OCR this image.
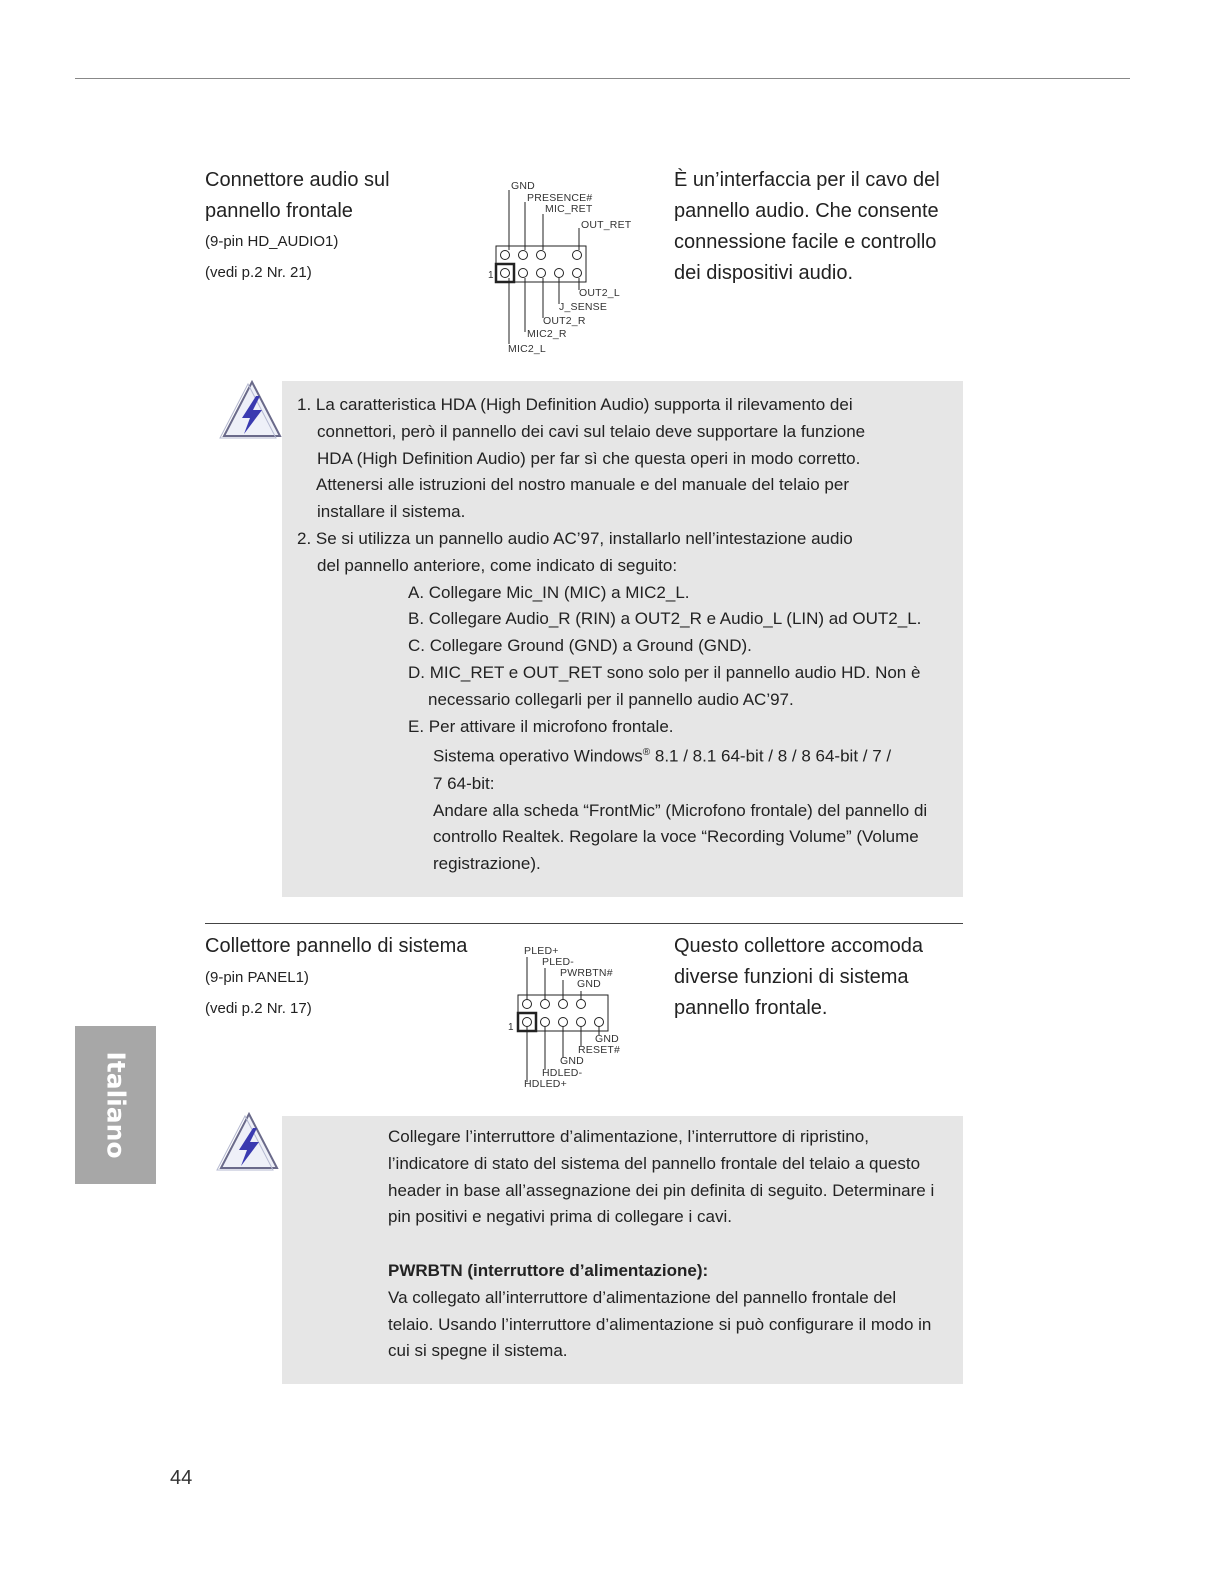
Connettore audio sul
pannello frontale
(9-pin HD_AUDIO1)
(vedi p.2 Nr. 21)
È un’interfaccia per il cavo del
pannello audio. Che consente
connessione facile e controllo
dei dispositivi audio.
1
GND
PRESENCE#
MIC_RET
OUT_RET
OUT2_L
J_SENSE
OUT2_R
MIC2_R
MIC2_L
1. La caratteristica HDA (High Definition Audio) supporta il rilevamento dei
connettori, però il pannello dei cavi sul telaio deve supportare la funzione
HDA (High Definition Audio) per far sì che questa operi in modo corretto.
Attenersi alle istruzioni del nostro manuale e del manuale del telaio per
installare il sistema.
2. Se si utilizza un pannello audio AC’97, installarlo nell’intestazione audio
del pannello anteriore, come indicato di seguito:
A. Collegare Mic_IN (MIC) a MIC2_L.
B. Collegare Audio_R (RIN) a OUT2_R e Audio_L (LIN) ad OUT2_L.
C. Collegare Ground (GND) a Ground (GND).
D. MIC_RET e OUT_RET sono solo per il pannello audio HD. Non è
necessario collegarli per il pannello audio AC’97.
E. Per attivare il microfono frontale.
Sistema operativo Windows® 8.1 / 8.1 64-bit / 8 / 8 64-bit / 7 /
7 64-bit:
Andare alla scheda “FrontMic” (Microfono frontale) del pannello di
controllo Realtek. Regolare la voce “Recording Volume” (Volume
registrazione).
Collettore pannello di sistema
(9-pin PANEL1)
(vedi p.2 Nr. 17)
Questo collettore accomoda
diverse funzioni di sistema
pannello frontale.
1
PLED+
PLED-
PWRBTN#
GND
GND
RESET#
GND
HDLED-
HDLED+
Collegare l’interruttore d’alimentazione, l’interruttore di ripristino,
l’indicatore di stato del sistema del pannello frontale del telaio a questo
header in base all’assegnazione dei pin definita di seguito. Determinare i
pin positivi e negativi prima di collegare i cavi.
PWRBTN (interruttore d’alimentazione):
Va collegato all’interruttore d’alimentazione del pannello frontale del
telaio. Usando l’interruttore d’alimentazione si può configurare il modo in
cui si spegne il sistema.
Italiano
44
